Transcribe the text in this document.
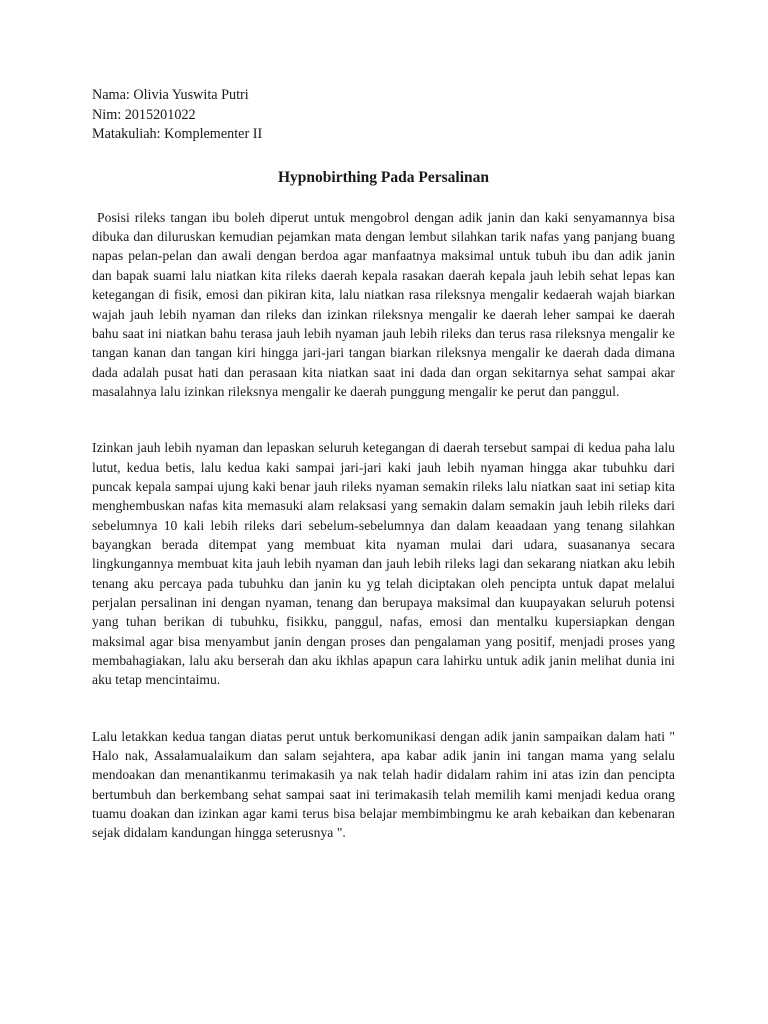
Nama: Olivia Yuswita Putri

Nim: 2015201022

Matakuliah: Komplementer II

Hypnobirthing Pada Persalinan

Posisi rileks tangan ibu boleh diperut untuk mengobrol dengan adik janin dan kaki senyamannya bisa dibuka dan diluruskan kemudian pejamkan mata dengan lembut silahkan tarik nafas yang panjang buang napas pelan-pelan dan awali dengan berdoa agar manfaatnya maksimal untuk tubuh ibu dan adik janin dan bapak suami lalu niatkan kita rileks daerah kepala rasakan daerah kepala jauh lebih sehat lepas kan ketegangan di fisik, emosi dan pikiran kita, lalu niatkan rasa rileksnya mengalir kedaerah wajah biarkan wajah jauh lebih nyaman dan rileks dan izinkan rileksnya mengalir ke daerah leher sampai ke daerah bahu saat ini niatkan bahu terasa jauh lebih nyaman jauh lebih rileks dan terus rasa rileksnya mengalir ke tangan kanan dan tangan kiri hingga jari-jari tangan biarkan rileksnya mengalir ke daerah dada dimana dada adalah pusat hati dan perasaan kita niatkan saat ini dada dan organ sekitarnya sehat sampai akar masalahnya lalu izinkan rileksnya mengalir ke daerah punggung mengalir ke perut dan panggul.

Izinkan jauh lebih nyaman dan lepaskan seluruh ketegangan di daerah tersebut sampai di kedua paha lalu lutut, kedua betis, lalu kedua kaki sampai jari-jari kaki jauh lebih nyaman hingga akar tubuhku dari puncak kepala sampai ujung kaki benar jauh rileks nyaman semakin rileks lalu niatkan saat ini setiap kita menghembuskan nafas kita memasuki alam relaksasi yang semakin dalam semakin jauh lebih rileks dari sebelumnya 10 kali lebih rileks dari sebelum-sebelumnya dan dalam keaadaan yang tenang silahkan bayangkan berada ditempat yang membuat kita nyaman mulai dari udara, suasananya secara lingkungannya membuat kita jauh lebih nyaman dan jauh lebih rileks lagi dan sekarang niatkan aku lebih tenang aku percaya pada tubuhku dan janin ku yg telah diciptakan oleh pencipta untuk dapat melalui perjalan persalinan ini dengan nyaman, tenang dan berupaya maksimal dan kuupayakan seluruh potensi yang tuhan berikan di tubuhku, fisikku, panggul, nafas, emosi dan mentalku kupersiapkan dengan maksimal agar bisa menyambut janin dengan proses dan pengalaman yang positif, menjadi proses yang membahagiakan, lalu aku berserah dan aku ikhlas apapun cara lahirku untuk adik janin melihat dunia ini aku tetap mencintaimu.

Lalu letakkan kedua tangan diatas perut untuk berkomunikasi dengan adik janin sampaikan dalam hati " Halo nak, Assalamualaikum dan salam sejahtera, apa kabar adik janin ini tangan mama yang selalu mendoakan dan menantikanmu terimakasih ya nak telah hadir didalam rahim ini atas izin dan pencipta bertumbuh dan berkembang sehat sampai saat ini terimakasih telah memilih kami menjadi kedua orang tuamu doakan dan izinkan agar kami terus bisa belajar membimbingmu ke arah kebaikan dan kebenaran sejak didalam kandungan hingga seterusnya ".
